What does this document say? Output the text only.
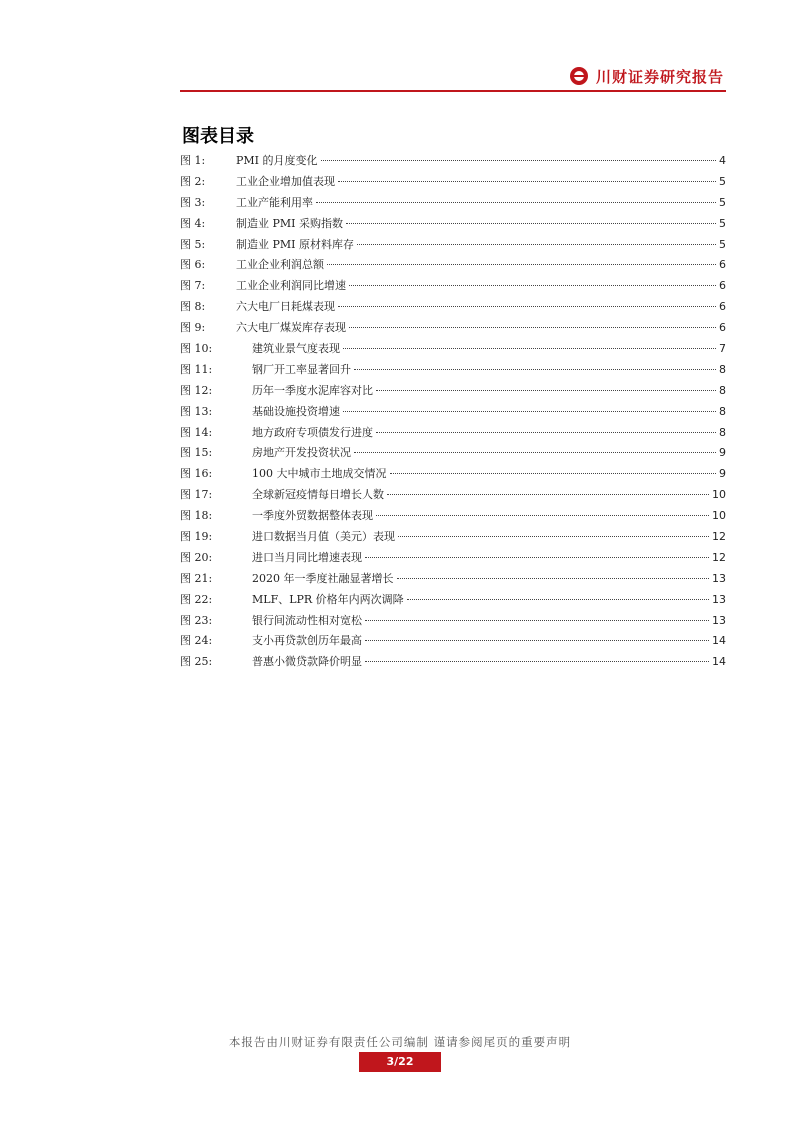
川财证券研究报告
图表目录
图 1:	PMI 的月度变化	4
图 2:	工业企业增加值表现	5
图 3:	工业产能利用率	5
图 4:	制造业 PMI 采购指数	5
图 5:	制造业 PMI 原材料库存	5
图 6:	工业企业利润总额	6
图 7:	工业企业利润同比增速	6
图 8:	六大电厂日耗煤表现	6
图 9:	六大电厂煤炭库存表现	6
图 10:	建筑业景气度表现	7
图 11:	钢厂开工率显著回升	8
图 12:	历年一季度水泥库容对比	8
图 13:	基础设施投资增速	8
图 14:	地方政府专项债发行进度	8
图 15:	房地产开发投资状况	9
图 16:	100 大中城市土地成交情况	9
图 17:	全球新冠疫情每日增长人数	10
图 18:	一季度外贸数据整体表现	10
图 19:	进口数据当月值（美元）表现	12
图 20:	进口当月同比增速表现	12
图 21:	2020 年一季度社融显著增长	13
图 22:	MLF、LPR 价格年内两次调降	13
图 23:	银行间流动性相对宽松	13
图 24:	支小再贷款创历年最高	14
图 25:	普惠小微贷款降价明显	14
本报告由川财证券有限责任公司编制 谨请参阅尾页的重要声明
3/22
